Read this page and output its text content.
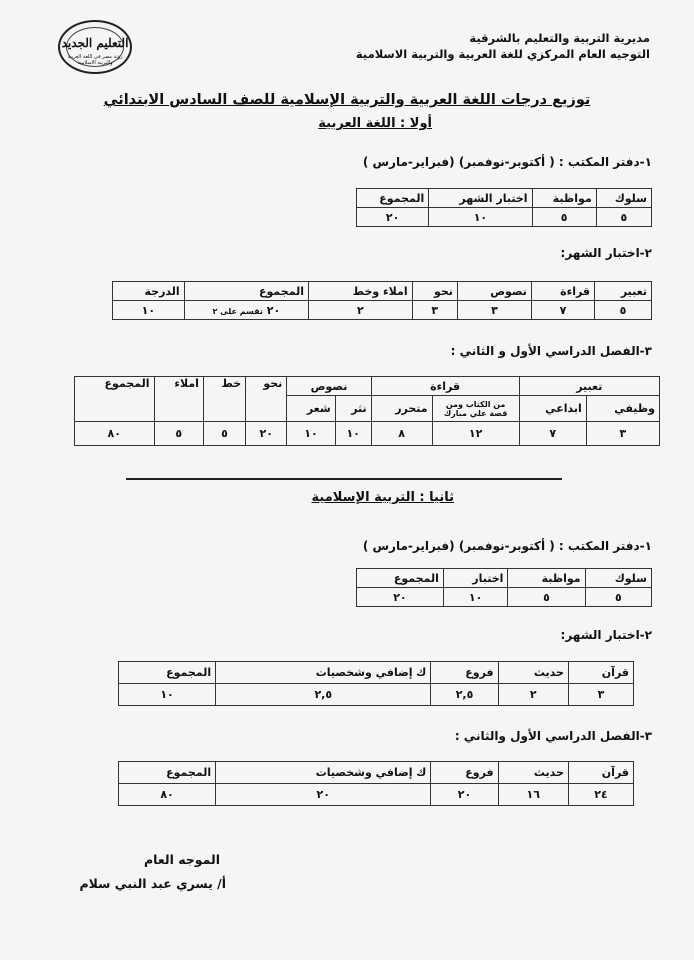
مديرية التربية والتعليم بالشرقية
التوجيه العام المركزي للغة العربية والتربية الاسلامية
التعليم الجديد
رؤية مصر في اللغة العربية والتربية الاسلامية
توزيع درجات اللغة العربية والتربية الإسلامية للصف السادس الابتدائي
أولا : اللغة العربية
١-دفتر المكتب : ( أكتوبر-نوفمبر) (فبراير-مارس )
سلوك	مواظبة	اختبار الشهر	المجموع
٥	٥	١٠	٢٠
٢-اختبار الشهر:
تعبير	قراءة	نصوص	نحو	املاء وخط	المجموع	الدرجة
٥	٧	٣	٣	٢	٢٠ تقسم على ٢	١٠
٣-الفصل الدراسي الأول و الثاني :
تعبير		قراءة		نصوص		نحو	خط	املاء	المجموع
وظيفي	ابداعي	من الكتاب ومن قصة علي مبارك	متحرر	نثر	شعر				
٣	٧	١٢	٨	١٠	١٠	٢٠	٥	٥	٨٠
ثانيا : التربية الإسلامية
١-دفتر المكتب : ( أكتوبر-نوفمبر) (فبراير-مارس )
سلوك	مواظبة	اختبار	المجموع
٥	٥	١٠	٢٠
٢-اختبار الشهر:
قرآن	حديث	فروع	ك إضافي وشخصيات	المجموع
٣	٢	٢,٥	٢,٥	١٠
٣-الفصل الدراسي الأول والثاني :
قرآن	حديث	فروع	ك إضافي وشخصيات	المجموع
٢٤	١٦	٢٠	٢٠	٨٠
الموجه العام
أ/ يسري عبد النبي سلام
